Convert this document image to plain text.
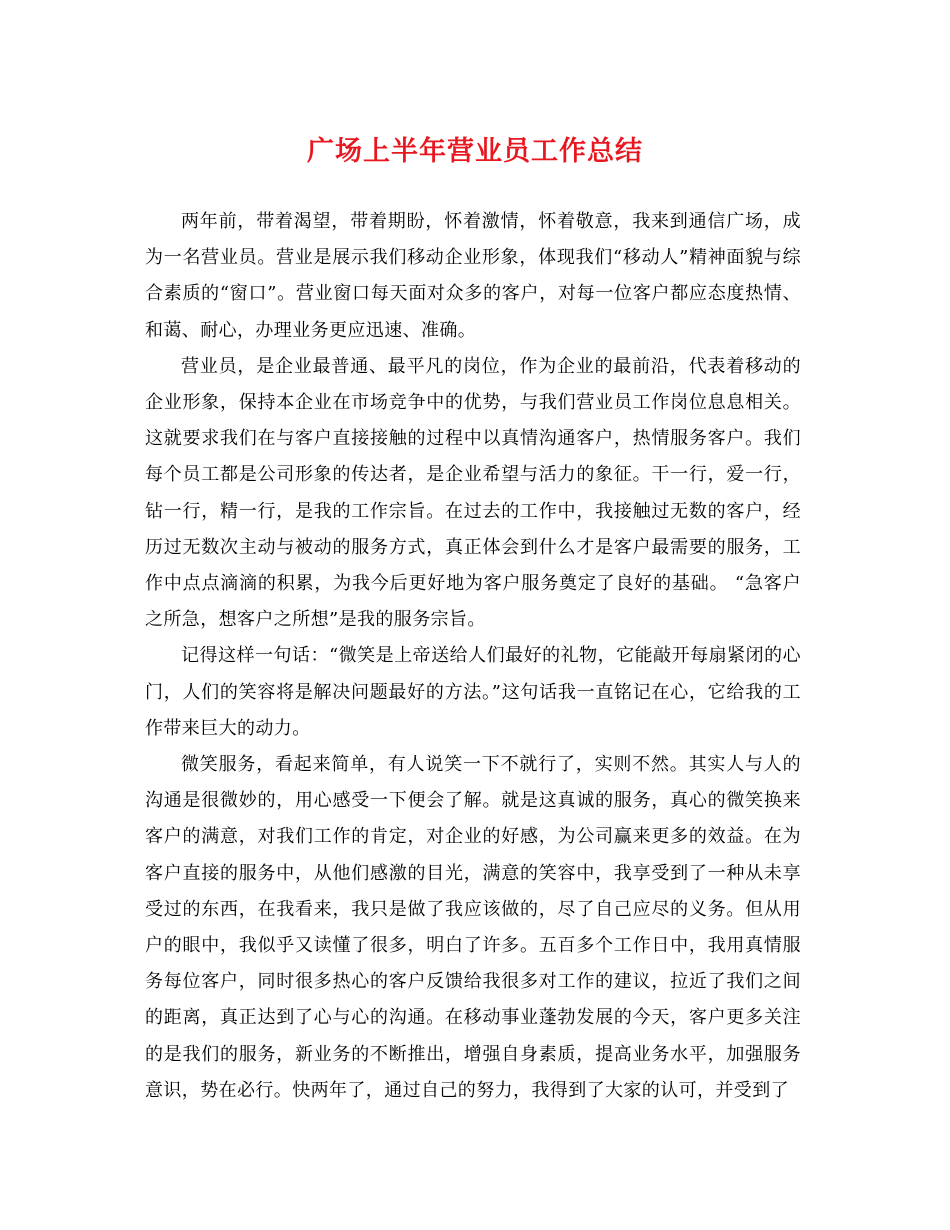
广场上半年营业员工作总结

两年前，带着渴望，带着期盼，怀着激情，怀着敬意，我来到通信广场，成为一名营业员。营业是展示我们移动企业形象，体现我们“移动人”精神面貌与综合素质的“窗口”。营业窗口每天面对众多的客户，对每一位客户都应态度热情、和蔼、耐心，办理业务更应迅速、准确。

营业员，是企业最普通、最平凡的岗位，作为企业的最前沿，代表着移动的企业形象，保持本企业在市场竞争中的优势，与我们营业员工作岗位息息相关。这就要求我们在与客户直接接触的过程中以真情沟通客户，热情服务客户。我们每个员工都是公司形象的传达者，是企业希望与活力的象征。干一行，爱一行，钻一行，精一行，是我的工作宗旨。在过去的工作中，我接触过无数的客户，经历过无数次主动与被动的服务方式，真正体会到什么才是客户最需要的服务，工作中点点滴滴的积累，为我今后更好地为客户服务奠定了良好的基础。 “急客户之所急，想客户之所想”是我的服务宗旨。

记得这样一句话：“微笑是上帝送给人们最好的礼物，它能敲开每扇紧闭的心门，人们的笑容将是解决问题最好的方法。”这句话我一直铭记在心，它给我的工作带来巨大的动力。

微笑服务，看起来简单，有人说笑一下不就行了，实则不然。其实人与人的沟通是很微妙的，用心感受一下便会了解。就是这真诚的服务，真心的微笑换来客户的满意，对我们工作的肯定，对企业的好感，为公司赢来更多的效益。在为客户直接的服务中，从他们感激的目光，满意的笑容中，我享受到了一种从未享受过的东西，在我看来，我只是做了我应该做的，尽了自己应尽的义务。但从用户的眼中，我似乎又读懂了很多，明白了许多。五百多个工作日中，我用真情服务每位客户，同时很多热心的客户反馈给我很多对工作的建议，拉近了我们之间的距离，真正达到了心与心的沟通。在移动事业蓬勃发展的今天，客户更多关注的是我们的服务，新业务的不断推出，增强自身素质，提高业务水平，加强服务意识，势在必行。快两年了，通过自己的努力，我得到了大家的认可，并受到了
